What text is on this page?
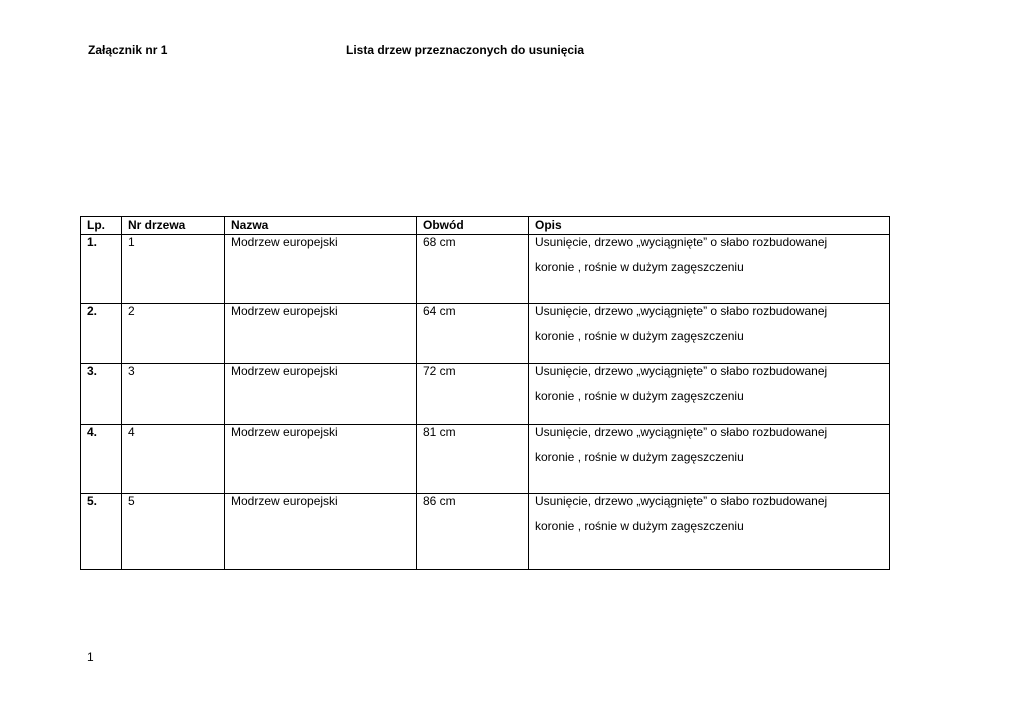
Załącznik nr 1	Lista drzew przeznaczonych do usunięcia
Lp.	Nr drzewa	Nazwa	Obwód	Opis
1.	1	Modrzew europejski	68 cm	Usunięcie, drzewo „wyciągnięte” o słabo rozbudowanej
koronie , rośnie w dużym zagęszczeniu

2.	2	Modrzew europejski	64 cm	Usunięcie, drzewo „wyciągnięte” o słabo rozbudowanej
koronie , rośnie w dużym zagęszczeniu

3.	3	Modrzew europejski	72 cm	Usunięcie, drzewo „wyciągnięte” o słabo rozbudowanej
koronie , rośnie w dużym zagęszczeniu

4.	4	Modrzew europejski	81 cm	Usunięcie, drzewo „wyciągnięte” o słabo rozbudowanej
koronie , rośnie w dużym zagęszczeniu

5.	5	Modrzew europejski	86 cm	Usunięcie, drzewo „wyciągnięte” o słabo rozbudowanej
koronie , rośnie w dużym zagęszczeniu
1
